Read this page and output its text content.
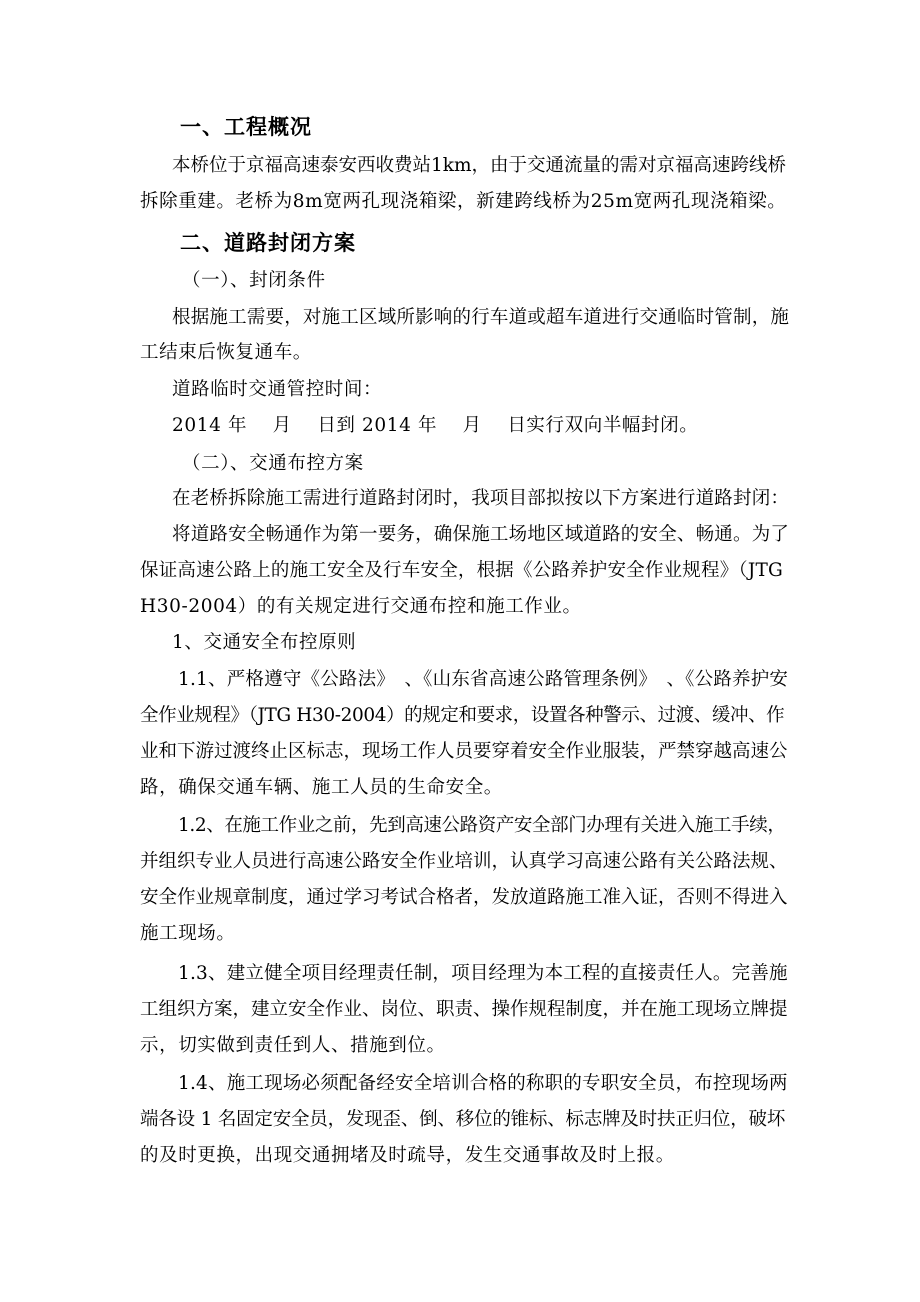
一、工程概况
本桥位于京福高速泰安西收费站1km，由于交通流量的需对京福高速跨线桥
拆除重建。老桥为8m宽两孔现浇箱梁，新建跨线桥为25m宽两孔现浇箱梁。
二、道路封闭方案
（一）、封闭条件
根据施工需要，对施工区域所影响的行车道或超车道进行交通临时管制，施
工结束后恢复通车。
道路临时交通管控时间：
2014 年　 月　 日到 2014 年　 月　 日实行双向半幅封闭。
（二）、交通布控方案
在老桥拆除施工需进行道路封闭时，我项目部拟按以下方案进行道路封闭：
将道路安全畅通作为第一要务，确保施工场地区域道路的安全、畅通。为了
保证高速公路上的施工安全及行车安全，根据《公路养护安全作业规程》（JTG
H30-2004）的有关规定进行交通布控和施工作业。
1、交通安全布控原则
1.1、严格遵守《公路法》　、《山东省高速公路管理条例》　、《公路养护安
全作业规程》（JTG H30-2004）的规定和要求，设置各种警示、过渡、缓冲、作
业和下游过渡终止区标志，现场工作人员要穿着安全作业服装，严禁穿越高速公
路，确保交通车辆、施工人员的生命安全。
1.2、在施工作业之前，先到高速公路资产安全部门办理有关进入施工手续，
并组织专业人员进行高速公路安全作业培训，认真学习高速公路有关公路法规、
安全作业规章制度，通过学习考试合格者，发放道路施工准入证，否则不得进入
施工现场。
1.3、建立健全项目经理责任制，项目经理为本工程的直接责任人。完善施
工组织方案，建立安全作业、岗位、职责、操作规程制度，并在施工现场立牌提
示，切实做到责任到人、措施到位。
1.4、施工现场必须配备经安全培训合格的称职的专职安全员，布控现场两
端各设 1 名固定安全员，发现歪、倒、移位的锥标、标志牌及时扶正归位，破坏
的及时更换，出现交通拥堵及时疏导，发生交通事故及时上报。
